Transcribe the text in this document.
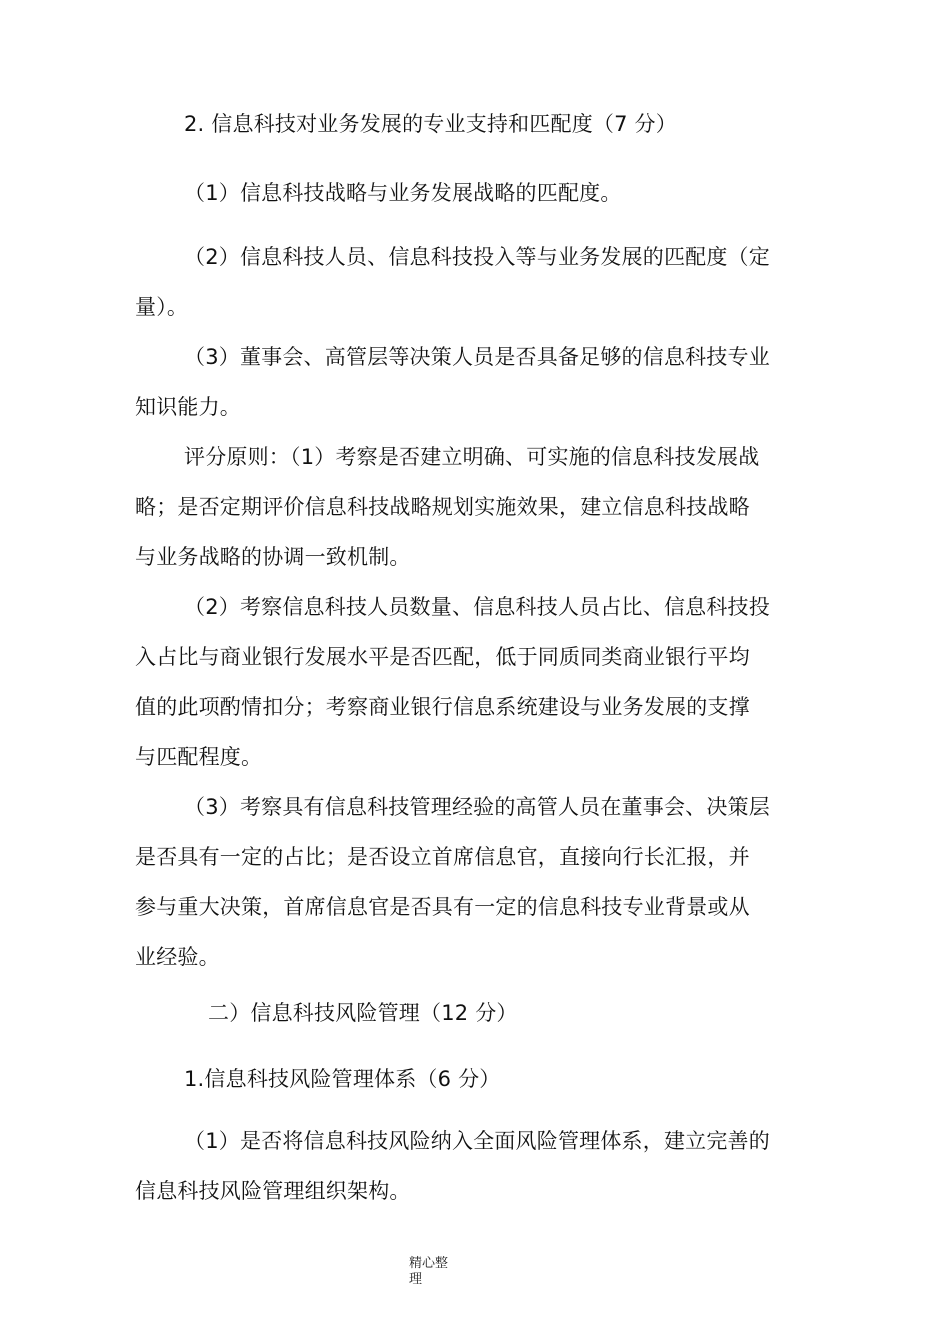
2. 信息科技对业务发展的专业支持和匹配度（7 分）
（1）信息科技战略与业务发展战略的匹配度。
（2）信息科技人员、信息科技投入等与业务发展的匹配度（定
量）。
（3）董事会、高管层等决策人员是否具备足够的信息科技专业
知识能力。
评分原则：（1）考察是否建立明确、可实施的信息科技发展战
略；是否定期评价信息科技战略规划实施效果，建立信息科技战略
与业务战略的协调一致机制。
（2）考察信息科技人员数量、信息科技人员占比、信息科技投
入占比与商业银行发展水平是否匹配，低于同质同类商业银行平均
值的此项酌情扣分；考察商业银行信息系统建设与业务发展的支撑
与匹配程度。
（3）考察具有信息科技管理经验的高管人员在董事会、决策层
是否具有一定的占比；是否设立首席信息官，直接向行长汇报，并
参与重大决策，首席信息官是否具有一定的信息科技专业背景或从
业经验。
二）信息科技风险管理（12 分）
1.信息科技风险管理体系（6 分）
（1）是否将信息科技风险纳入全面风险管理体系，建立完善的
信息科技风险管理组织架构。
精心整
理
